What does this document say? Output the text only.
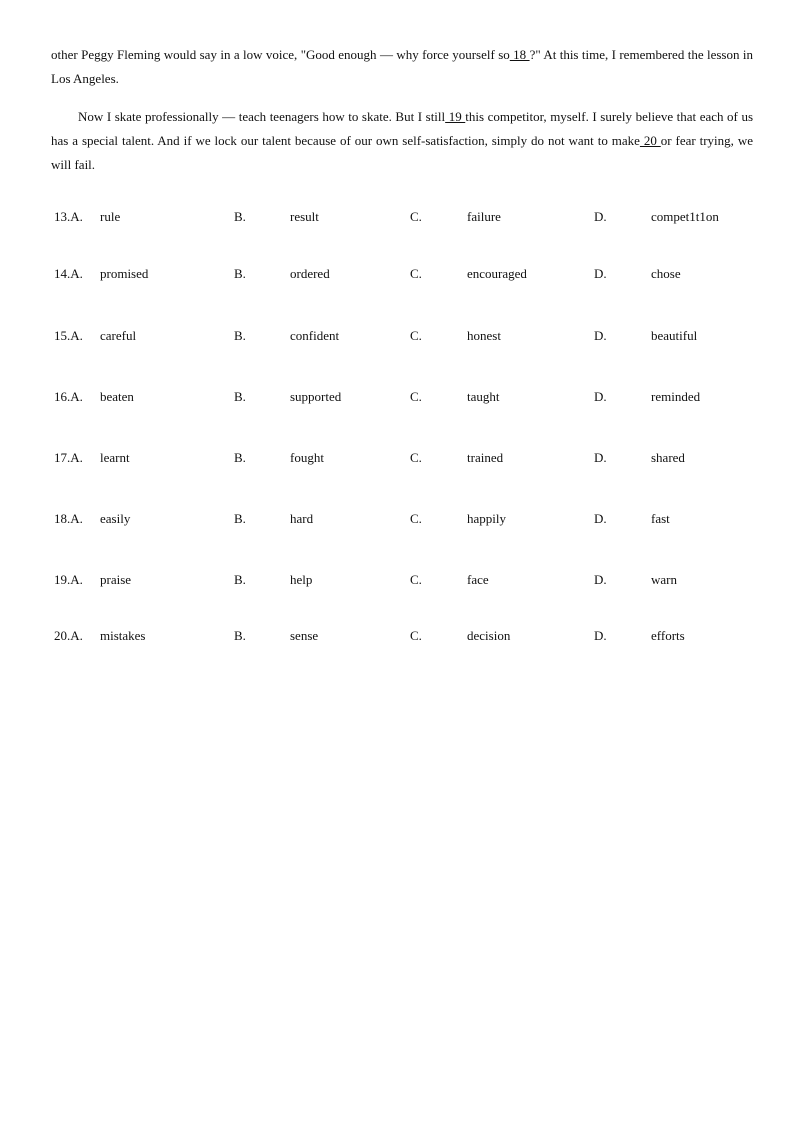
other Peggy Fleming would say in a low voice, "Good enough — why force yourself so 18 ?" At this time, I remembered the lesson in Los Angeles.

Now I skate professionally — teach teenagers how to skate. But I still 19 this competitor, myself. I surely believe that each of us has a special talent. And if we lock our talent because of our own self-satisfaction, simply do not want to make 20 or fear trying, we will fail.

13.A. rule	B.	result	C.	failure	D.	compet1t1on
14.A. promised	B.	ordered	C.	encouraged	D.	chose
15.A. careful	B.	confident	C.	honest	D.	beautiful
16.A. beaten	B.	supported	C.	taught	D.	reminded
17.A. learnt	B.	fought	C.	trained	D.	shared
18.A. easily	B.	hard	C.	happily	D.	fast
19.A. praise	B.	help	C.	face	D.	warn
20.A. mistakes	B.	sense	C.	decision	D.	efforts
